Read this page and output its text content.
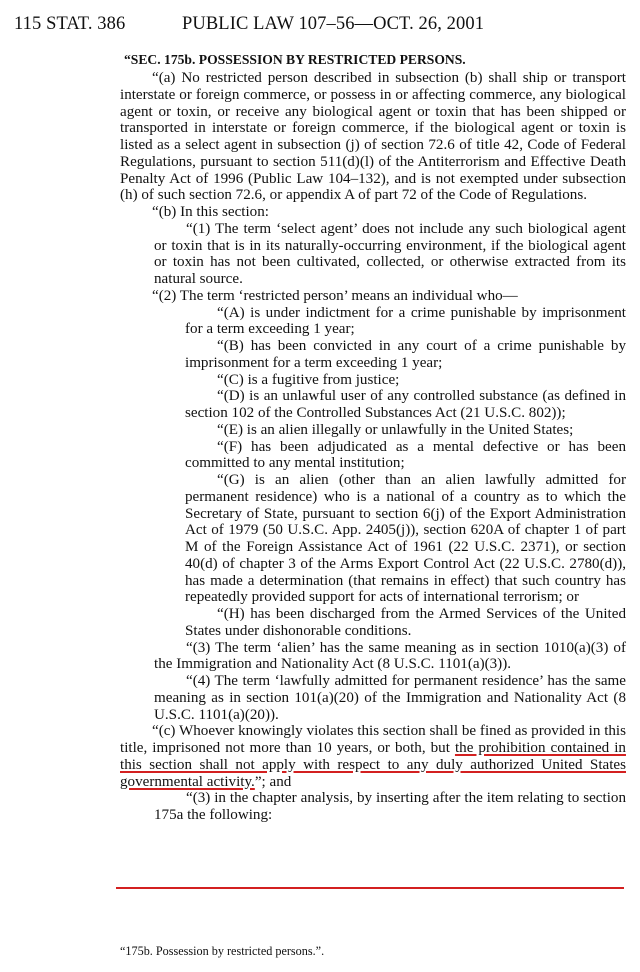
115 STAT. 386	PUBLIC LAW 107–56—OCT. 26, 2001
“SEC. 175b. POSSESSION BY RESTRICTED PERSONS.

“(a) No restricted person described in subsection (b) shall ship or transport interstate or foreign commerce, or possess in or affecting commerce, any biological agent or toxin, or receive any biological agent or toxin that has been shipped or transported in interstate or foreign commerce, if the biological agent or toxin is listed as a select agent in subsection (j) of section 72.6 of title 42, Code of Federal Regulations, pursuant to section 511(d)(l) of the Antiterrorism and Effective Death Penalty Act of 1996 (Public Law 104–132), and is not exempted under subsection (h) of such section 72.6, or appendix A of part 72 of the Code of Regulations.

“(b) In this section:

“(1) The term ‘select agent’ does not include any such biological agent or toxin that is in its naturally-occurring environment, if the biological agent or toxin has not been cultivated, collected, or otherwise extracted from its natural source.

“(2) The term ‘restricted person’ means an individual who—

“(A) is under indictment for a crime punishable by imprisonment for a term exceeding 1 year;

“(B) has been convicted in any court of a crime punishable by imprisonment for a term exceeding 1 year;

“(C) is a fugitive from justice;

“(D) is an unlawful user of any controlled substance (as defined in section 102 of the Controlled Substances Act (21 U.S.C. 802));

“(E) is an alien illegally or unlawfully in the United States;

“(F) has been adjudicated as a mental defective or has been committed to any mental institution;

“(G) is an alien (other than an alien lawfully admitted for permanent residence) who is a national of a country as to which the Secretary of State, pursuant to section 6(j) of the Export Administration Act of 1979 (50 U.S.C. App. 2405(j)), section 620A of chapter 1 of part M of the Foreign Assistance Act of 1961 (22 U.S.C. 2371), or section 40(d) of chapter 3 of the Arms Export Control Act (22 U.S.C. 2780(d)), has made a determination (that remains in effect) that such country has repeatedly provided support for acts of international terrorism; or

“(H) has been discharged from the Armed Services of the United States under dishonorable conditions.

“(3) The term ‘alien’ has the same meaning as in section 1010(a)(3) of the Immigration and Nationality Act (8 U.S.C. 1101(a)(3)).

“(4) The term ‘lawfully admitted for permanent residence’ has the same meaning as in section 101(a)(20) of the Immigration and Nationality Act (8 U.S.C. 1101(a)(20)).

“(c) Whoever knowingly violates this section shall be fined as provided in this title, imprisoned not more than 10 years, or both, but the prohibition contained in this section shall not apply with respect to any duly authorized United States governmental activity.”; and

“(3) in the chapter analysis, by inserting after the item relating to section 175a the following:

“175b. Possession by restricted persons.”.
